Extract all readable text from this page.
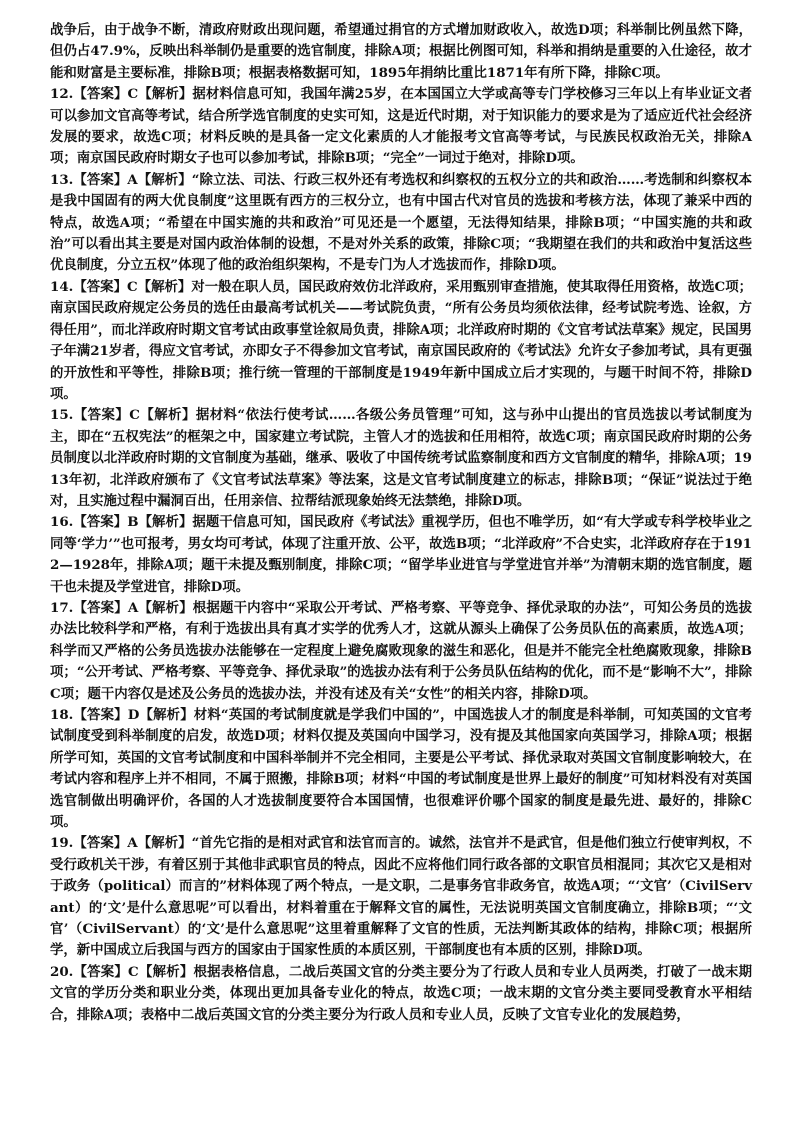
战争后，由于战争不断，清政府财政出现问题，希望通过捐官的方式增加财政收入，故选D项；科举制比例虽然下降，但仍占47.9%，反映出科举制仍是重要的选官制度，排除A项；根据比例图可知，科举和捐纳是重要的入仕途径，故才能和财富是主要标准，排除B项；根据表格数据可知，1895年捐纳比重比1871年有所下降，排除C项。

12.【答案】C【解析】据材料信息可知，我国年满25岁，在本国国立大学或高等专门学校修习三年以上有毕业证文者可以参加文官高等考试，结合所学选官制度的史实可知，这是近代时期，对于知识能力的要求是为了适应近代社会经济发展的要求，故选C项；材料反映的是具备一定文化素质的人才能报考文官高等考试，与民族民权政治无关，排除A项；南京国民政府时期女子也可以参加考试，排除B项；“完全”一词过于绝对，排除D项。

13.【答案】A【解析】“除立法、司法、行政三权外还有考选权和纠察权的五权分立的共和政治……考选制和纠察权本是我中国固有的两大优良制度”这里既有西方的三权分立，也有中国古代对官员的选拔和考核方法，体现了兼采中西的特点，故选A项；“希望在中国实施的共和政治”可见还是一个愿望，无法得知结果，排除B项；“中国实施的共和政治”可以看出其主要是对国内政治体制的设想，不是对外关系的政策，排除C项；“我期望在我们的共和政治中复活这些优良制度，分立五权”体现了他的政治组织架构，不是专门为人才选拔而作，排除D项。

14.【答案】C【解析】对一般在职人员，国民政府效仿北洋政府，采用甄别审查措施，使其取得任用资格，故选C项；南京国民政府规定公务员的选任由最高考试机关——考试院负责，“所有公务员均须依法律，经考试院考选、诠叙，方得任用”，而北洋政府时期文官考试由政事堂诠叙局负责，排除A项；北洋政府时期的《文官考试法草案》规定，民国男子年满21岁者，得应文官考试，亦即女子不得参加文官考试，南京国民政府的《考试法》允许女子参加考试，具有更强的开放性和平等性，排除B项；推行统一管理的干部制度是1949年新中国成立后才实现的，与题干时间不符，排除D项。

15.【答案】C【解析】据材料“依法行使考试……各级公务员管理”可知，这与孙中山提出的官员选拔以考试制度为主，即在“五权宪法”的框架之中，国家建立考试院，主管人才的选拔和任用相符，故选C项；南京国民政府时期的公务员制度以北洋政府时期的文官制度为基础，继承、吸收了中国传统考试监察制度和西方文官制度的精华，排除A项；1913年初，北洋政府颁布了《文官考试法草案》等法案，这是文官考试制度建立的标志，排除B项；“保证”说法过于绝对，且实施过程中漏洞百出，任用亲信、拉帮结派现象始终无法禁绝，排除D项。

16.【答案】B【解析】据题干信息可知，国民政府《考试法》重视学历，但也不唯学历，如“有大学或专科学校毕业之同等‘学力’”也可报考，男女均可考试，体现了注重开放、公平，故选B项；“北洋政府”不合史实，北洋政府存在于1912—1928年，排除A项；题干未提及甄别制度，排除C项；“留学毕业进官与学堂进官并举”为清朝末期的选官制度，题干也未提及学堂进官，排除D项。

17.【答案】A【解析】根据题干内容中“采取公开考试、严格考察、平等竞争、择优录取的办法”，可知公务员的选拔办法比较科学和严格，有利于选拔出具有真才实学的优秀人才，这就从源头上确保了公务员队伍的高素质，故选A项；科学而又严格的公务员选拔办法能够在一定程度上避免腐败现象的滋生和恶化，但是并不能完全杜绝腐败现象，排除B项；“公开考试、严格考察、平等竞争、择优录取”的选拔办法有利于公务员队伍结构的优化，而不是“影响不大”，排除C项；题干内容仅是述及公务员的选拔办法，并没有述及有关“女性”的相关内容，排除D项。

18.【答案】D【解析】材料“英国的考试制度就是学我们中国的”，中国选拔人才的制度是科举制，可知英国的文官考试制度受到科举制度的启发，故选D项；材料仅提及英国向中国学习，没有提及其他国家向英国学习，排除A项；根据所学可知，英国的文官考试制度和中国科举制并不完全相同，主要是公平考试、择优录取对英国文官制度影响较大，在考试内容和程序上并不相同，不属于照搬，排除B项；材料“中国的考试制度是世界上最好的制度”可知材料没有对英国选官制做出明确评价，各国的人才选拔制度要符合本国国情，也很难评价哪个国家的制度是最先进、最好的，排除C项。

19.【答案】A【解析】“首先它指的是相对武官和法官而言的。诚然，法官并不是武官，但是他们独立行使审判权，不受行政机关干涉，有着区别于其他非武职官员的特点，因此不应将他们同行政各部的文职官员相混同；其次它又是相对于政务（political）而言的”材料体现了两个特点，一是文职，二是事务官非政务官，故选A项；“‘文官’（CivilServant）的‘文’是什么意思呢”可以看出，材料着重在于解释文官的属性，无法说明英国文官制度确立，排除B项；“‘文官’（CivilServant）的‘文’是什么意思呢”这里着重解释了文官的性质，无法判断其政体的结构，排除C项；根据所学，新中国成立后我国与西方的国家由于国家性质的本质区别，干部制度也有本质的区别，排除D项。

20.【答案】C【解析】根据表格信息，二战后英国文官的分类主要分为了行政人员和专业人员两类，打破了一战末期文官的学历分类和职业分类，体现出更加具备专业化的特点，故选C项；一战末期的文官分类主要同受教育水平相结合，排除A项；表格中二战后英国文官的分类主要分为行政人员和专业人员，反映了文官专业化的发展趋势，
